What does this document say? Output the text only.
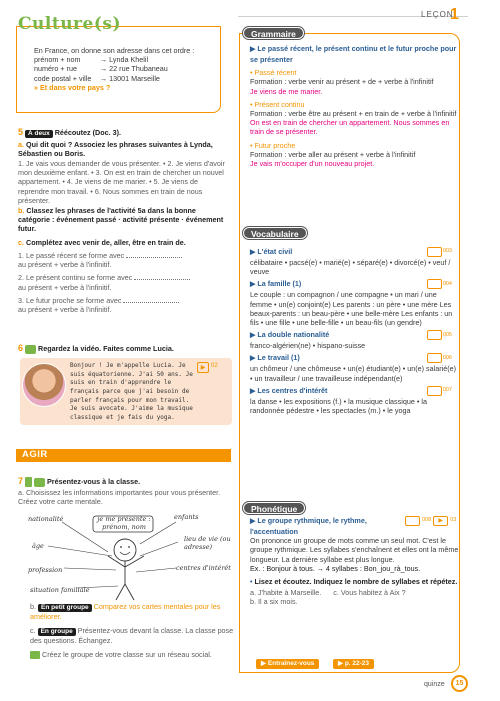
LEÇON
1
Culture(s)
En France, on donne son adresse dans cet ordre :
prénom + nom	→ Lynda Khelil
numéro + rue	→ 22 rue Thubaneau
code postal + ville	→ 13001 Marseille
» Et dans votre pays ?
5 À deux Réécoutez (Doc. 3).
a. Qui dit quoi ? Associez les phrases suivantes à Lynda, Sébastien ou Boris.
1. Je vais vous demander de vous présenter. • 2. Je viens d'avoir mon deuxième enfant. • 3. On est en train de chercher un nouvel appartement. • 4. Je viens de me marier. • 5. Je viens de reprendre mon travail. • 6. Nous sommes en train de nous présenter.
b. Classez les phrases de l'activité 5a dans la bonne catégorie : événement passé · activité présente · événement futur.
c. Complétez avec venir de, aller, être en train de.
1. Le passé récent se forme avec
au présent + verbe à l'infinitif.
2. Le présent continu se forme avec
au présent + verbe à l'infinitif.
3. Le futur proche se forme avec
au présent + verbe à l'infinitif.
6 Regardez la vidéo. Faites comme Lucia.
Bonjour ! Je m'appelle Lucia. Je suis équatorienne. J'ai 50 ans. Je suis en train d'apprendre le français parce que j'ai besoin de parler français pour mon travail. Je suis avocate. J'aime la musique classique et je fais du yoga.
▶ 02
AGIR
7	Présentez-vous à la classe.
a. Choisissez les informations importantes pour vous présenter. Créez votre carte mentale.
je me présente : prénom, nom
nationalité	enfants
âge
lieu de vie (ou adresse)
profession	centres d'intérêt
situation familiale
b. En petit groupe Comparez vos cartes mentales pour les améliorer.
c. En groupe Présentez-vous devant la classe. La classe pose des questions. Échangez.
Créez le groupe de votre classe sur un réseau social.
Grammaire
▶ Le passé récent, le présent continu et le futur proche pour se présenter
• Passé récent
Formation : verbe venir au présent + de + verbe à l'infinitif
Je viens de me marier.
• Présent continu
Formation : verbe être au présent + en train de + verbe à l'infinitif
On est en train de chercher un appartement. Nous sommes en train de se présenter.
• Futur proche
Formation : verbe aller au présent + verbe à l'infinitif
Je vais m'occuper d'un nouveau projet.
Vocabulaire
▶ L'état civil	003
célibataire • pacsé(e) • marié(e) • séparé(e) • divorcé(e) • veuf / veuve
▶ La famille (1)	004
Le couple : un compagnon / une compagne • un mari / une femme • un(e) conjoint(e) Les parents : un père • une mère Les beaux-parents : un beau-père • une belle-mère Les enfants : un fils • une fille • une belle-fille • un beau-fils (un gendre)
▶ La double nationalité	005
franco-algérien(ne) • hispano-suisse
▶ Le travail (1)	006
un chômeur / une chômeuse • un(e) étudiant(e) • un(e) salarié(e) • un travailleur / une travailleuse indépendant(e)
▶ Les centres d'intérêt	007
la danse • les expositions (f.) • la musique classique • la randonnée pédestre • les spectacles (m.) • le yoga
Phonétique
▶ Le groupe rythmique, le rythme, l'accentuation
008	▶	03
On prononce un groupe de mots comme un seul mot. C'est le groupe rythmique. Les syllabes s'enchaînent et elles ont la même longueur. La dernière syllabe est plus longue.
Ex. : Bonjour à tous. → 4 syllabes : Bon_jou_rà_tous.
• Lisez et écoutez. Indiquez le nombre de syllabes et répétez.
a. J'habite à Marseille. c. Vous habitez à Aix ?
b. Il a six mois.
▶ Entraînez-vous	▶ p. 22-23
quinze	15
